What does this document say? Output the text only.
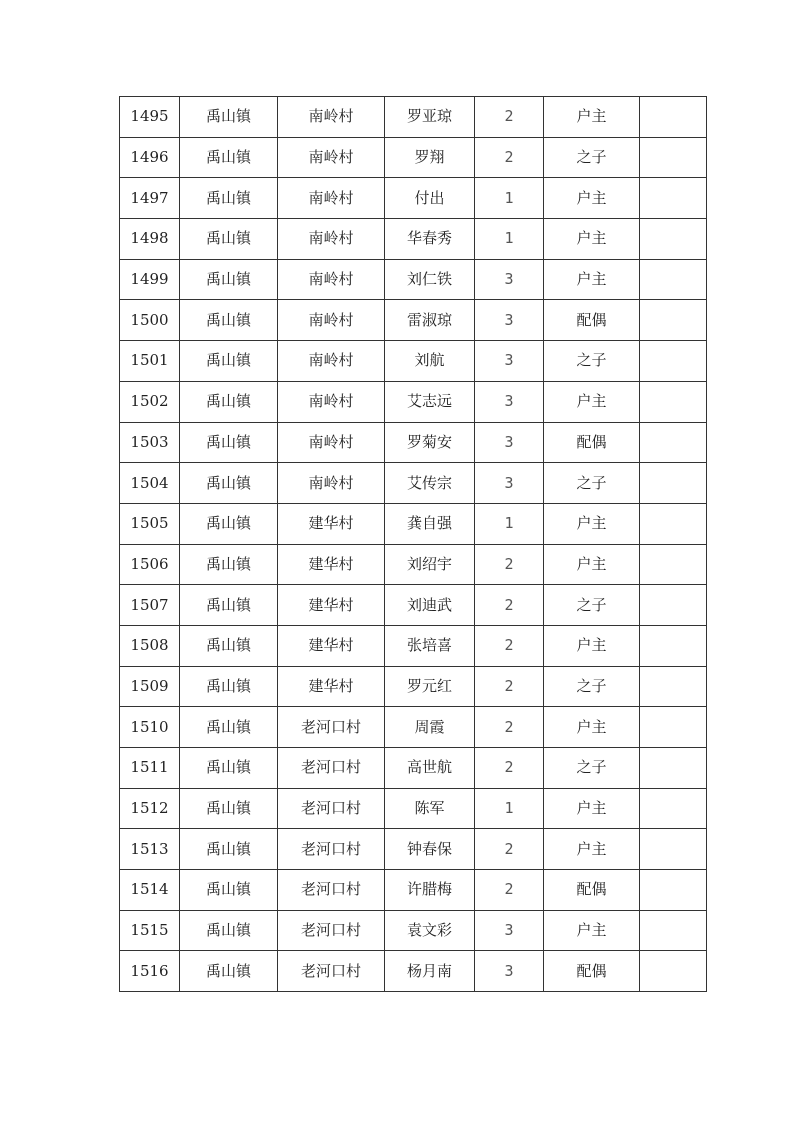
1495	禹山镇	南岭村	罗亚琼	2	户主	
1496	禹山镇	南岭村	罗翔	2	之子	
1497	禹山镇	南岭村	付出	1	户主	
1498	禹山镇	南岭村	华春秀	1	户主	
1499	禹山镇	南岭村	刘仁铁	3	户主	
1500	禹山镇	南岭村	雷淑琼	3	配偶	
1501	禹山镇	南岭村	刘航	3	之子	
1502	禹山镇	南岭村	艾志远	3	户主	
1503	禹山镇	南岭村	罗菊安	3	配偶	
1504	禹山镇	南岭村	艾传宗	3	之子	
1505	禹山镇	建华村	龚自强	1	户主	
1506	禹山镇	建华村	刘绍宇	2	户主	
1507	禹山镇	建华村	刘迪武	2	之子	
1508	禹山镇	建华村	张培喜	2	户主	
1509	禹山镇	建华村	罗元红	2	之子	
1510	禹山镇	老河口村	周霞	2	户主	
1511	禹山镇	老河口村	高世航	2	之子	
1512	禹山镇	老河口村	陈军	1	户主	
1513	禹山镇	老河口村	钟春保	2	户主	
1514	禹山镇	老河口村	许腊梅	2	配偶	
1515	禹山镇	老河口村	袁文彩	3	户主	
1516	禹山镇	老河口村	杨月南	3	配偶	
